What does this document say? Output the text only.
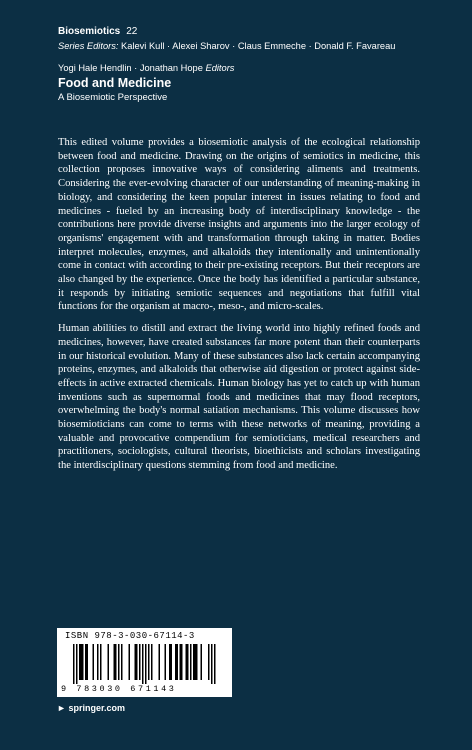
Biosemiotics 22
Series Editors: Kalevi Kull · Alexei Sharov · Claus Emmeche · Donald F. Favareau
Yogi Hale Hendlin · Jonathan Hope Editors
Food and Medicine
A Biosemiotic Perspective

This edited volume provides a biosemiotic analysis of the ecological relationship between food and medicine. Drawing on the origins of semiotics in medicine, this collection proposes innovative ways of considering aliments and treatments. Considering the ever-evolving character of our understanding of meaning-making in biology, and considering the keen popular interest in issues relating to food and medicines - fueled by an increasing body of interdisciplinary knowledge - the contributions here provide diverse insights and arguments into the larger ecology of organisms' engagement with and transformation through taking in matter. Bodies interpret molecules, enzymes, and alkaloids they intentionally and unintentionally come in contact with according to their pre-existing receptors. But their receptors are also changed by the experience. Once the body has identified a particular substance, it responds by initiating semiotic sequences and negotiations that fulfill vital functions for the organism at macro-, meso-, and micro-scales.

Human abilities to distill and extract the living world into highly refined foods and medicines, however, have created substances far more potent than their counterparts in our historical evolution. Many of these substances also lack certain accompanying proteins, enzymes, and alkaloids that otherwise aid digestion or protect against side-effects in active extracted chemicals. Human biology has yet to catch up with human inventions such as supernormal foods and medicines that may flood receptors, overwhelming the body's normal satiation mechanisms. This volume discusses how biosemioticians can come to terms with these networks of meaning, providing a valuable and provocative compendium for semioticians, medical researchers and practitioners, sociologists, cultural theorists, bioethicists and scholars investigating the interdisciplinary questions stemming from food and medicine.

ISBN 978-3-030-67114-3
9 783030 671143
► springer.com
